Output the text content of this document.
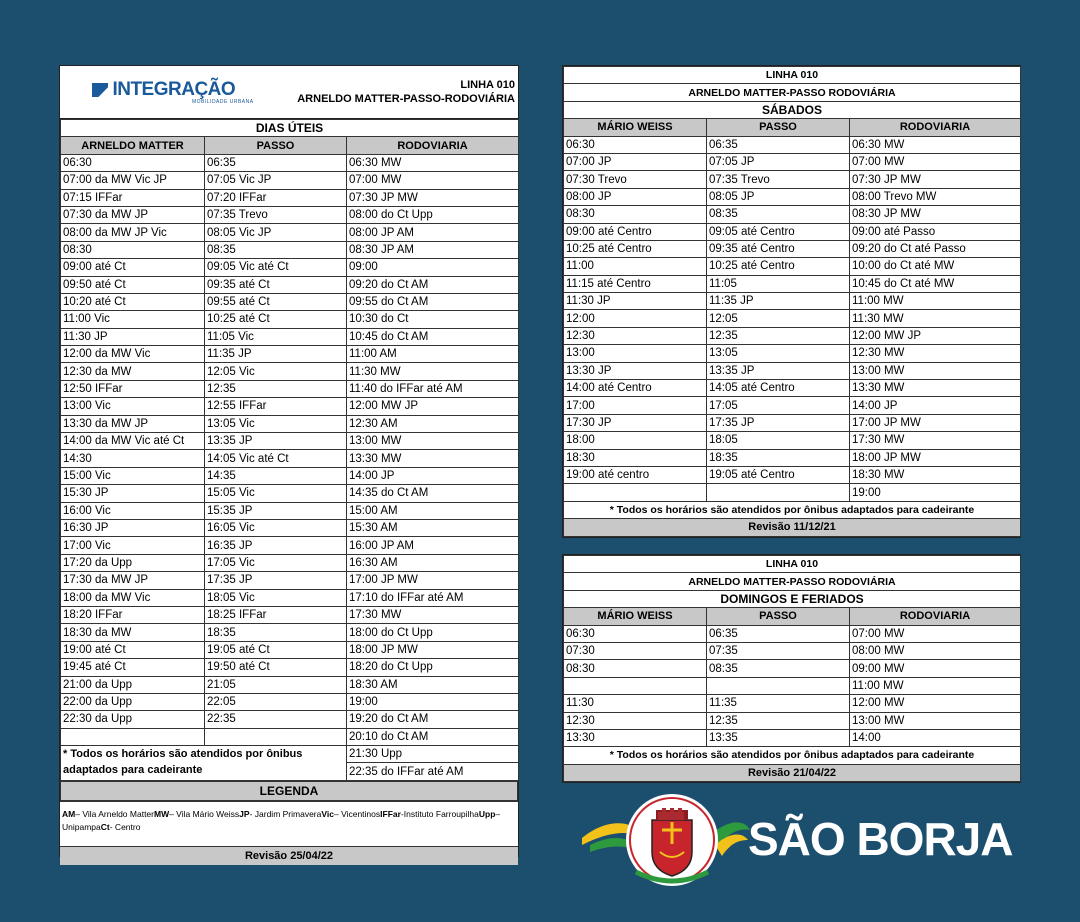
INTEGRAÇÃO
MOBILIDADE URBANA
LINHA 010
ARNELDO MATTER-PASSO-RODOVIÁRIA
DIAS ÚTEIS		
ARNELDO MATTER	PASSO	RODOVIARIA
06:30	06:35	06:30 MW
07:00 da MW Vic JP	07:05 Vic JP	07:00 MW
07:15 IFFar	07:20 IFFar	07:30 JP MW
07:30 da MW JP	07:35 Trevo	08:00 do Ct Upp
08:00 da MW JP Vic	08:05 Vic JP	08:00 JP AM
08:30	08:35	08:30 JP AM
09:00 até Ct	09:05 Vic até Ct	09:00
09:50 até Ct	09:35 até Ct	09:20 do Ct AM
10:20 até Ct	09:55 até Ct	09:55 do Ct AM
11:00 Vic	10:25 até Ct	10:30 do Ct
11:30 JP	11:05 Vic	10:45 do Ct AM
12:00 da MW Vic	11:35 JP	11:00 AM
12:30 da MW	12:05 Vic	11:30 MW
12:50 IFFar	12:35	11:40 do IFFar até AM
13:00 Vic	12:55 IFFar	12:00 MW JP
13:30 da MW JP	13:05 Vic	12:30 AM
14:00 da MW Vic até Ct	13:35 JP	13:00 MW
14:30	14:05 Vic até Ct	13:30 MW
15:00 Vic	14:35	14:00 JP
15:30 JP	15:05 Vic	14:35 do Ct AM
16:00 Vic	15:35 JP	15:00 AM
16:30 JP	16:05 Vic	15:30 AM
17:00 Vic	16:35 JP	16:00 JP AM
17:20 da Upp	17:05 Vic	16:30 AM
17:30 da MW JP	17:35 JP	17:00 JP MW
18:00 da MW Vic	18:05 Vic	17:10 do IFFar até AM
18:20 IFFar	18:25 IFFar	17:30 MW
18:30 da MW	18:35	18:00 do Ct Upp
19:00 até Ct	19:05 até Ct	18:00 JP MW
19:45 até Ct	19:50 até Ct	18:20 do Ct Upp
21:00 da Upp	21:05	18:30 AM
22:00 da Upp	22:05	19:00
22:30 da Upp	22:35	19:20 do Ct AM
		20:10 do Ct AM
* Todos os horários são atendidos por ônibus adaptados para cadeirante		21:30 Upp
		22:35 do IFFar até AM
LEGENDA
AM– Vila Arneldo MatterMW– Vila Mário WeissJP- Jardim PrimaveraVic– VicentinosIFFar-Instituto FarroupilhaUpp– UnipampaCt- Centro
Revisão 25/04/22
LINHA 010		
ARNELDO MATTER-PASSO RODOVIÁRIA		
SÁBADOS		
MÁRIO WEISS	PASSO	RODOVIARIA
06:30	06:35	06:30 MW
07:00 JP	07:05 JP	07:00 MW
07:30 Trevo	07:35 Trevo	07:30 JP MW
08:00 JP	08:05 JP	08:00 Trevo MW
08:30	08:35	08:30 JP MW
09:00 até Centro	09:05 até Centro	09:00 até Passo
10:25 até Centro	09:35 até Centro	09:20 do Ct até Passo
11:00	10:25 até Centro	10:00 do Ct até MW
11:15 até Centro	11:05	10:45 do Ct até MW
11:30 JP	11:35 JP	11:00 MW
12:00	12:05	11:30 MW
12:30	12:35	12:00 MW JP
13:00	13:05	12:30 MW
13:30 JP	13:35 JP	13:00 MW
14:00 até Centro	14:05 até Centro	13:30 MW
17:00	17:05	14:00 JP
17:30 JP	17:35 JP	17:00 JP MW
18:00	18:05	17:30 MW
18:30	18:35	18:00 JP MW
19:00 até centro	19:05 até Centro	18:30 MW
		19:00
* Todos os horários são atendidos por ônibus adaptados para cadeirante		
Revisão 11/12/21		
LINHA 010		
ARNELDO MATTER-PASSO RODOVIÁRIA		
DOMINGOS E FERIADOS		
MÁRIO WEISS	PASSO	RODOVIARIA
06:30	06:35	07:00 MW
07:30	07:35	08:00 MW
08:30	08:35	09:00 MW
		11:00 MW
11:30	11:35	12:00 MW
12:30	12:35	13:00 MW
13:30	13:35	14:00
* Todos os horários são atendidos por ônibus adaptados para cadeirante		
Revisão 21/04/22		
SÃO BORJA
